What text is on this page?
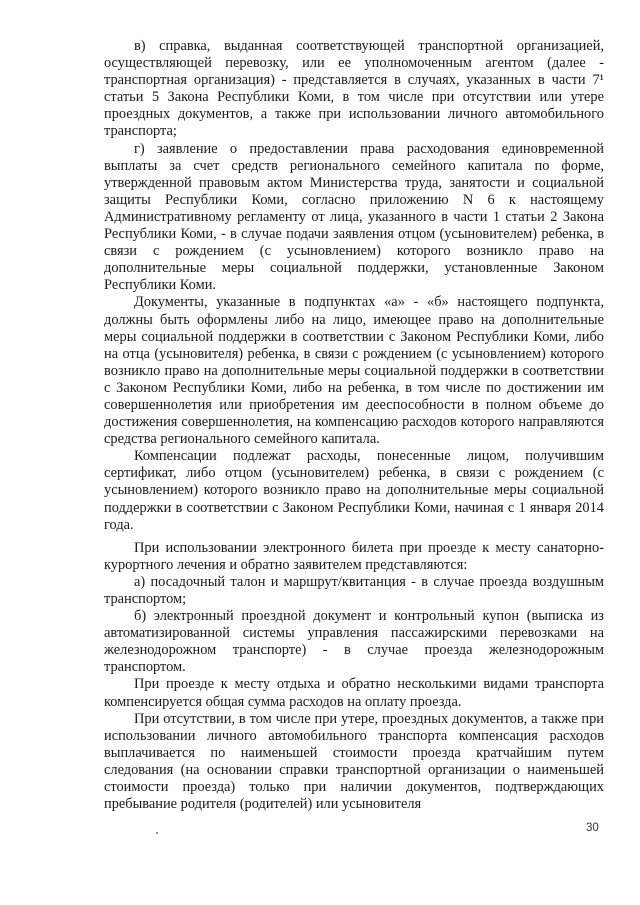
в) справка, выданная соответствующей транспортной организацией, осуществляющей перевозку, или ее уполномоченным агентом (далее - транспортная организация) - представляется в случаях, указанных в части 7¹ статьи 5 Закона Республики Коми, в том числе при отсутствии или утере проездных документов, а также при использовании личного автомобильного транспорта;

г) заявление о предоставлении права расходования единовременной выплаты за счет средств регионального семейного капитала по форме, утвержденной правовым актом Министерства труда, занятости и социальной защиты Республики Коми, согласно приложению N 6 к настоящему Административному регламенту от лица, указанного в части 1 статьи 2 Закона Республики Коми, - в случае подачи заявления отцом (усыновителем) ребенка, в связи с рождением (с усыновлением) которого возникло право на дополнительные меры социальной поддержки, установленные Законом Республики Коми.

Документы, указанные в подпунктах «а» - «б» настоящего подпункта, должны быть оформлены либо на лицо, имеющее право на дополнительные меры социальной поддержки в соответствии с Законом Республики Коми, либо на отца (усыновителя) ребенка, в связи с рождением (с усыновлением) которого возникло право на дополнительные меры социальной поддержки в соответствии с Законом Республики Коми, либо на ребенка, в том числе по достижении им совершеннолетия или приобретения им дееспособности в полном объеме до достижения совершеннолетия, на компенсацию расходов которого направляются средства регионального семейного капитала.

Компенсации подлежат расходы, понесенные лицом, получившим сертификат, либо отцом (усыновителем) ребенка, в связи с рождением (с усыновлением) которого возникло право на дополнительные меры социальной поддержки в соответствии с Законом Республики Коми, начиная с 1 января 2014 года.

При использовании электронного билета при проезде к месту санаторно-курортного лечения и обратно заявителем представляются:

а) посадочный талон и маршрут/квитанция - в случае проезда воздушным транспортом;

б) электронный проездной документ и контрольный купон (выписка из автоматизированной системы управления пассажирскими перевозками на железнодорожном транспорте) - в случае проезда железнодорожным транспортом.

При проезде к месту отдыха и обратно несколькими видами транспорта компенсируется общая сумма расходов на оплату проезда.

При отсутствии, в том числе при утере, проездных документов, а также при использовании личного автомобильного транспорта компенсация расходов выплачивается по наименьшей стоимости проезда кратчайшим путем следования (на основании справки транспортной организации о наименьшей стоимости проезда) только при наличии документов, подтверждающих пребывание родителя (родителей) или усыновителя

30
